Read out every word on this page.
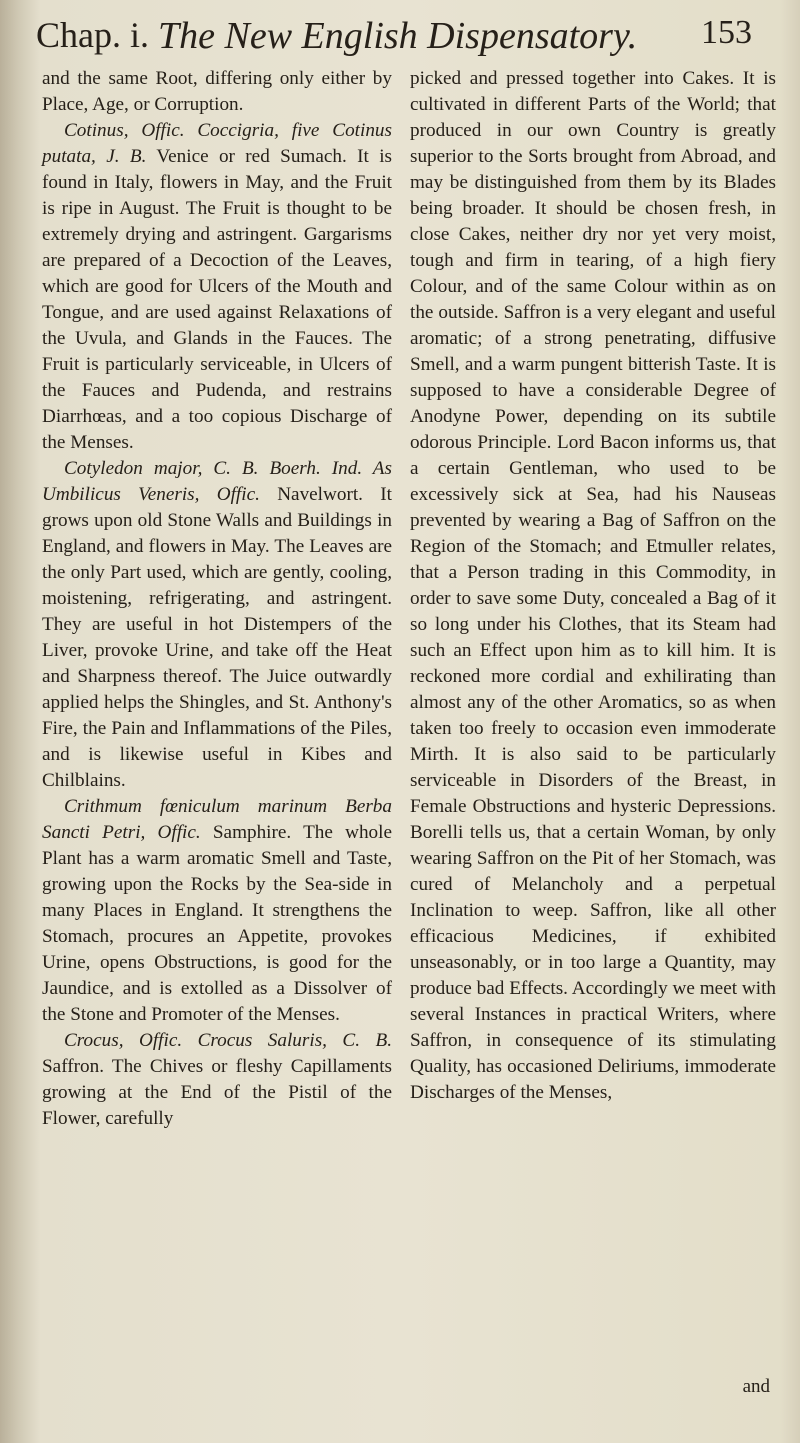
Chap. i. The New English Dispensatory. 153

and the same Root, differing only either by Place, Age, or Corruption.

Cotinus, Offic. Coccigria, five Cotinus putata, J. B. Venice or red Sumach. It is found in Italy, flowers in May, and the Fruit is ripe in August. The Fruit is thought to be extremely drying and astringent. Gargarisms are prepared of a Decoction of the Leaves, which are good for Ulcers of the Mouth and Tongue, and are used against Relaxations of the Uvula, and Glands in the Fauces. The Fruit is particularly serviceable, in Ulcers of the Fauces and Pudenda, and restrains Diarrhœas, and a too copious Discharge of the Menses.

Cotyledon major, C. B. Boerh. Ind. As Umbilicus Veneris, Offic. Navelwort. It grows upon old Stone Walls and Buildings in England, and flowers in May. The Leaves are the only Part used, which are gently, cooling, moistening, refrigerating, and astringent. They are useful in hot Distempers of the Liver, provoke Urine, and take off the Heat and Sharpness thereof. The Juice outwardly applied helps the Shingles, and St. Anthony's Fire, the Pain and Inflammations of the Piles, and is likewise useful in Kibes and Chilblains.

Crithmum fœniculum marinum Berba Sancti Petri, Offic. Samphire. The whole Plant has a warm aromatic Smell and Taste, growing upon the Rocks by the Sea-side in many Places in England. It strengthens the Stomach, procures an Appetite, provokes Urine, opens Obstructions, is good for the Jaundice, and is extolled as a Dissolver of the Stone and Promoter of the Menses.

Crocus, Offic. Crocus Saluris, C. B. Saffron. The Chives or fleshy Capillaments growing at the End of the Pistil of the Flower, carefully

picked and pressed together into Cakes. It is cultivated in different Parts of the World; that produced in our own Country is greatly superior to the Sorts brought from Abroad, and may be distinguished from them by its Blades being broader. It should be chosen fresh, in close Cakes, neither dry nor yet very moist, tough and firm in tearing, of a high fiery Colour, and of the same Colour within as on the outside. Saffron is a very elegant and useful aromatic; of a strong penetrating, diffusive Smell, and a warm pungent bitterish Taste. It is supposed to have a considerable Degree of Anodyne Power, depending on its subtile odorous Principle. Lord Bacon informs us, that a certain Gentleman, who used to be excessively sick at Sea, had his Nauseas prevented by wearing a Bag of Saffron on the Region of the Stomach; and Etmuller relates, that a Person trading in this Commodity, in order to save some Duty, concealed a Bag of it so long under his Clothes, that its Steam had such an Effect upon him as to kill him. It is reckoned more cordial and exhilirating than almost any of the other Aromatics, so as when taken too freely to occasion even immoderate Mirth. It is also said to be particularly serviceable in Disorders of the Breast, in Female Obstructions and hysteric Depressions. Borelli tells us, that a certain Woman, by only wearing Saffron on the Pit of her Stomach, was cured of Melancholy and a perpetual Inclination to weep. Saffron, like all other efficacious Medicines, if exhibited unseasonably, or in too large a Quantity, may produce bad Effects. Accordingly we meet with several Instances in practical Writers, where Saffron, in consequence of its stimulating Quality, has occasioned Deliriums, immoderate Discharges of the Menses,

and
